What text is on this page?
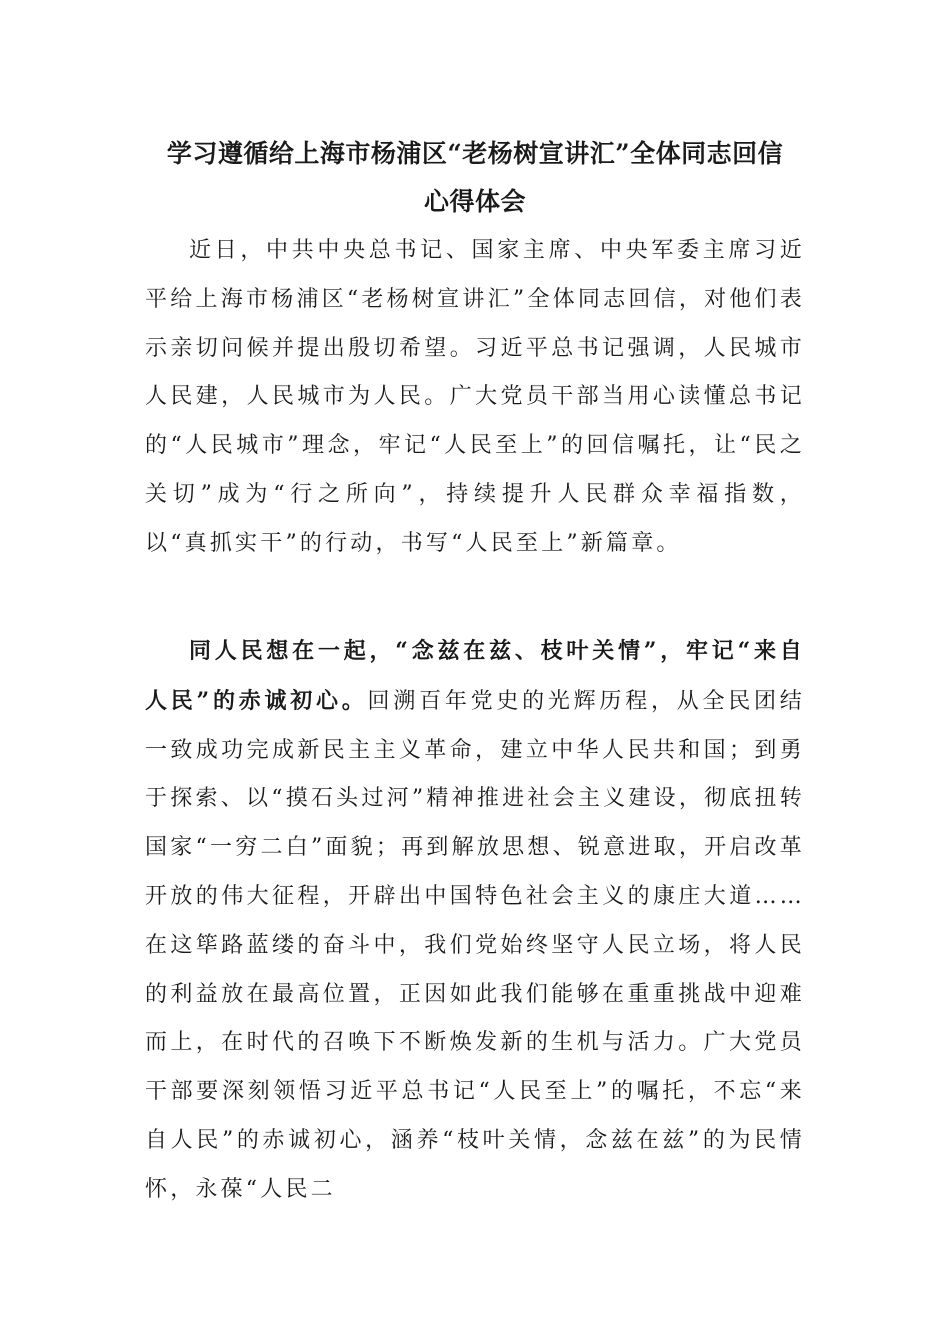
学习遵循给上海市杨浦区“老杨树宣讲汇”全体同志回信
心得体会

近日，中共中央总书记、国家主席、中央军委主席习近平给上海市杨浦区“老杨树宣讲汇”全体同志回信，对他们表示亲切问候并提出殷切希望。习近平总书记强调，人民城市人民建，人民城市为人民。广大党员干部当用心读懂总书记的“人民城市”理念，牢记“人民至上”的回信嘱托，让“民之关切”成为“行之所向”，持续提升人民群众幸福指数，以“真抓实干”的行动，书写“人民至上”新篇章。

同人民想在一起，“念兹在兹、枝叶关情”，牢记“来自人民”的赤诚初心。回溯百年党史的光辉历程，从全民团结一致成功完成新民主主义革命，建立中华人民共和国；到勇于探索、以“摸石头过河”精神推进社会主义建设，彻底扭转国家“一穷二白”面貌；再到解放思想、锐意进取，开启改革开放的伟大征程，开辟出中国特色社会主义的康庄大道……在这筚路蓝缕的奋斗中，我们党始终坚守人民立场，将人民的利益放在最高位置，正因如此我们能够在重重挑战中迎难而上，在时代的召唤下不断焕发新的生机与活力。广大党员干部要深刻领悟习近平总书记“人民至上”的嘱托，不忘“来自人民”的赤诚初心，涵养“枝叶关情，念兹在兹”的为民情怀，永葆“人民二
